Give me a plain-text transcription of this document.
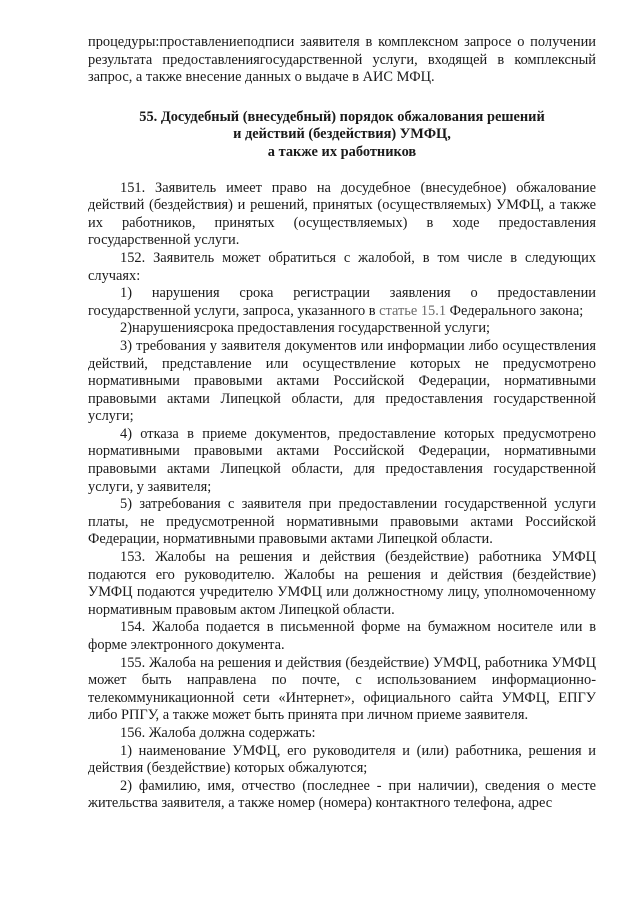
процедуры:проставлениеподписи заявителя в комплексном запросе о получении результата предоставлениягосударственной услуги, входящей в комплексный запрос, а также внесение данных о выдаче в АИС МФЦ.

55. Досудебный (внесудебный) порядок обжалования решений
и действий (бездействия) УМФЦ,
а также их работников

151. Заявитель имеет право на досудебное (внесудебное) обжалование действий (бездействия) и решений, принятых (осуществляемых) УМФЦ, а также их работников, принятых (осуществляемых) в ходе предоставления государственной услуги.

152. Заявитель может обратиться с жалобой, в том числе в следующих случаях:

1) нарушения срока регистрации заявления о предоставлении государственной услуги, запроса, указанного в статье 15.1 Федерального закона;

2)нарушениясрока предоставления государственной услуги;

3) требования у заявителя документов или информации либо осуществления действий, представление или осуществление которых не предусмотрено нормативными правовыми актами Российской Федерации, нормативными правовыми актами Липецкой области, для предоставления государственной услуги;

4) отказа в приеме документов, предоставление которых предусмотрено нормативными правовыми актами Российской Федерации, нормативными правовыми актами Липецкой области, для предоставления государственной услуги, у заявителя;

5) затребования с заявителя при предоставлении государственной услуги платы, не предусмотренной нормативными правовыми актами Российской Федерации, нормативными правовыми актами Липецкой области.

153. Жалобы на решения и действия (бездействие) работника УМФЦ подаются его руководителю. Жалобы на решения и действия (бездействие) УМФЦ подаются учредителю УМФЦ или должностному лицу, уполномоченному нормативным правовым актом Липецкой области.

154. Жалоба подается в письменной форме на бумажном носителе или в форме электронного документа.

155. Жалоба на решения и действия (бездействие) УМФЦ, работника УМФЦ может быть направлена по почте, с использованием информационно-телекоммуникационной сети «Интернет», официального сайта УМФЦ, ЕПГУ либо РПГУ, а также может быть принята при личном приеме заявителя.

156. Жалоба должна содержать:

1) наименование УМФЦ, его руководителя и (или) работника, решения и действия (бездействие) которых обжалуются;

2) фамилию, имя, отчество (последнее - при наличии), сведения о месте жительства заявителя, а также номер (номера) контактного телефона, адрес
